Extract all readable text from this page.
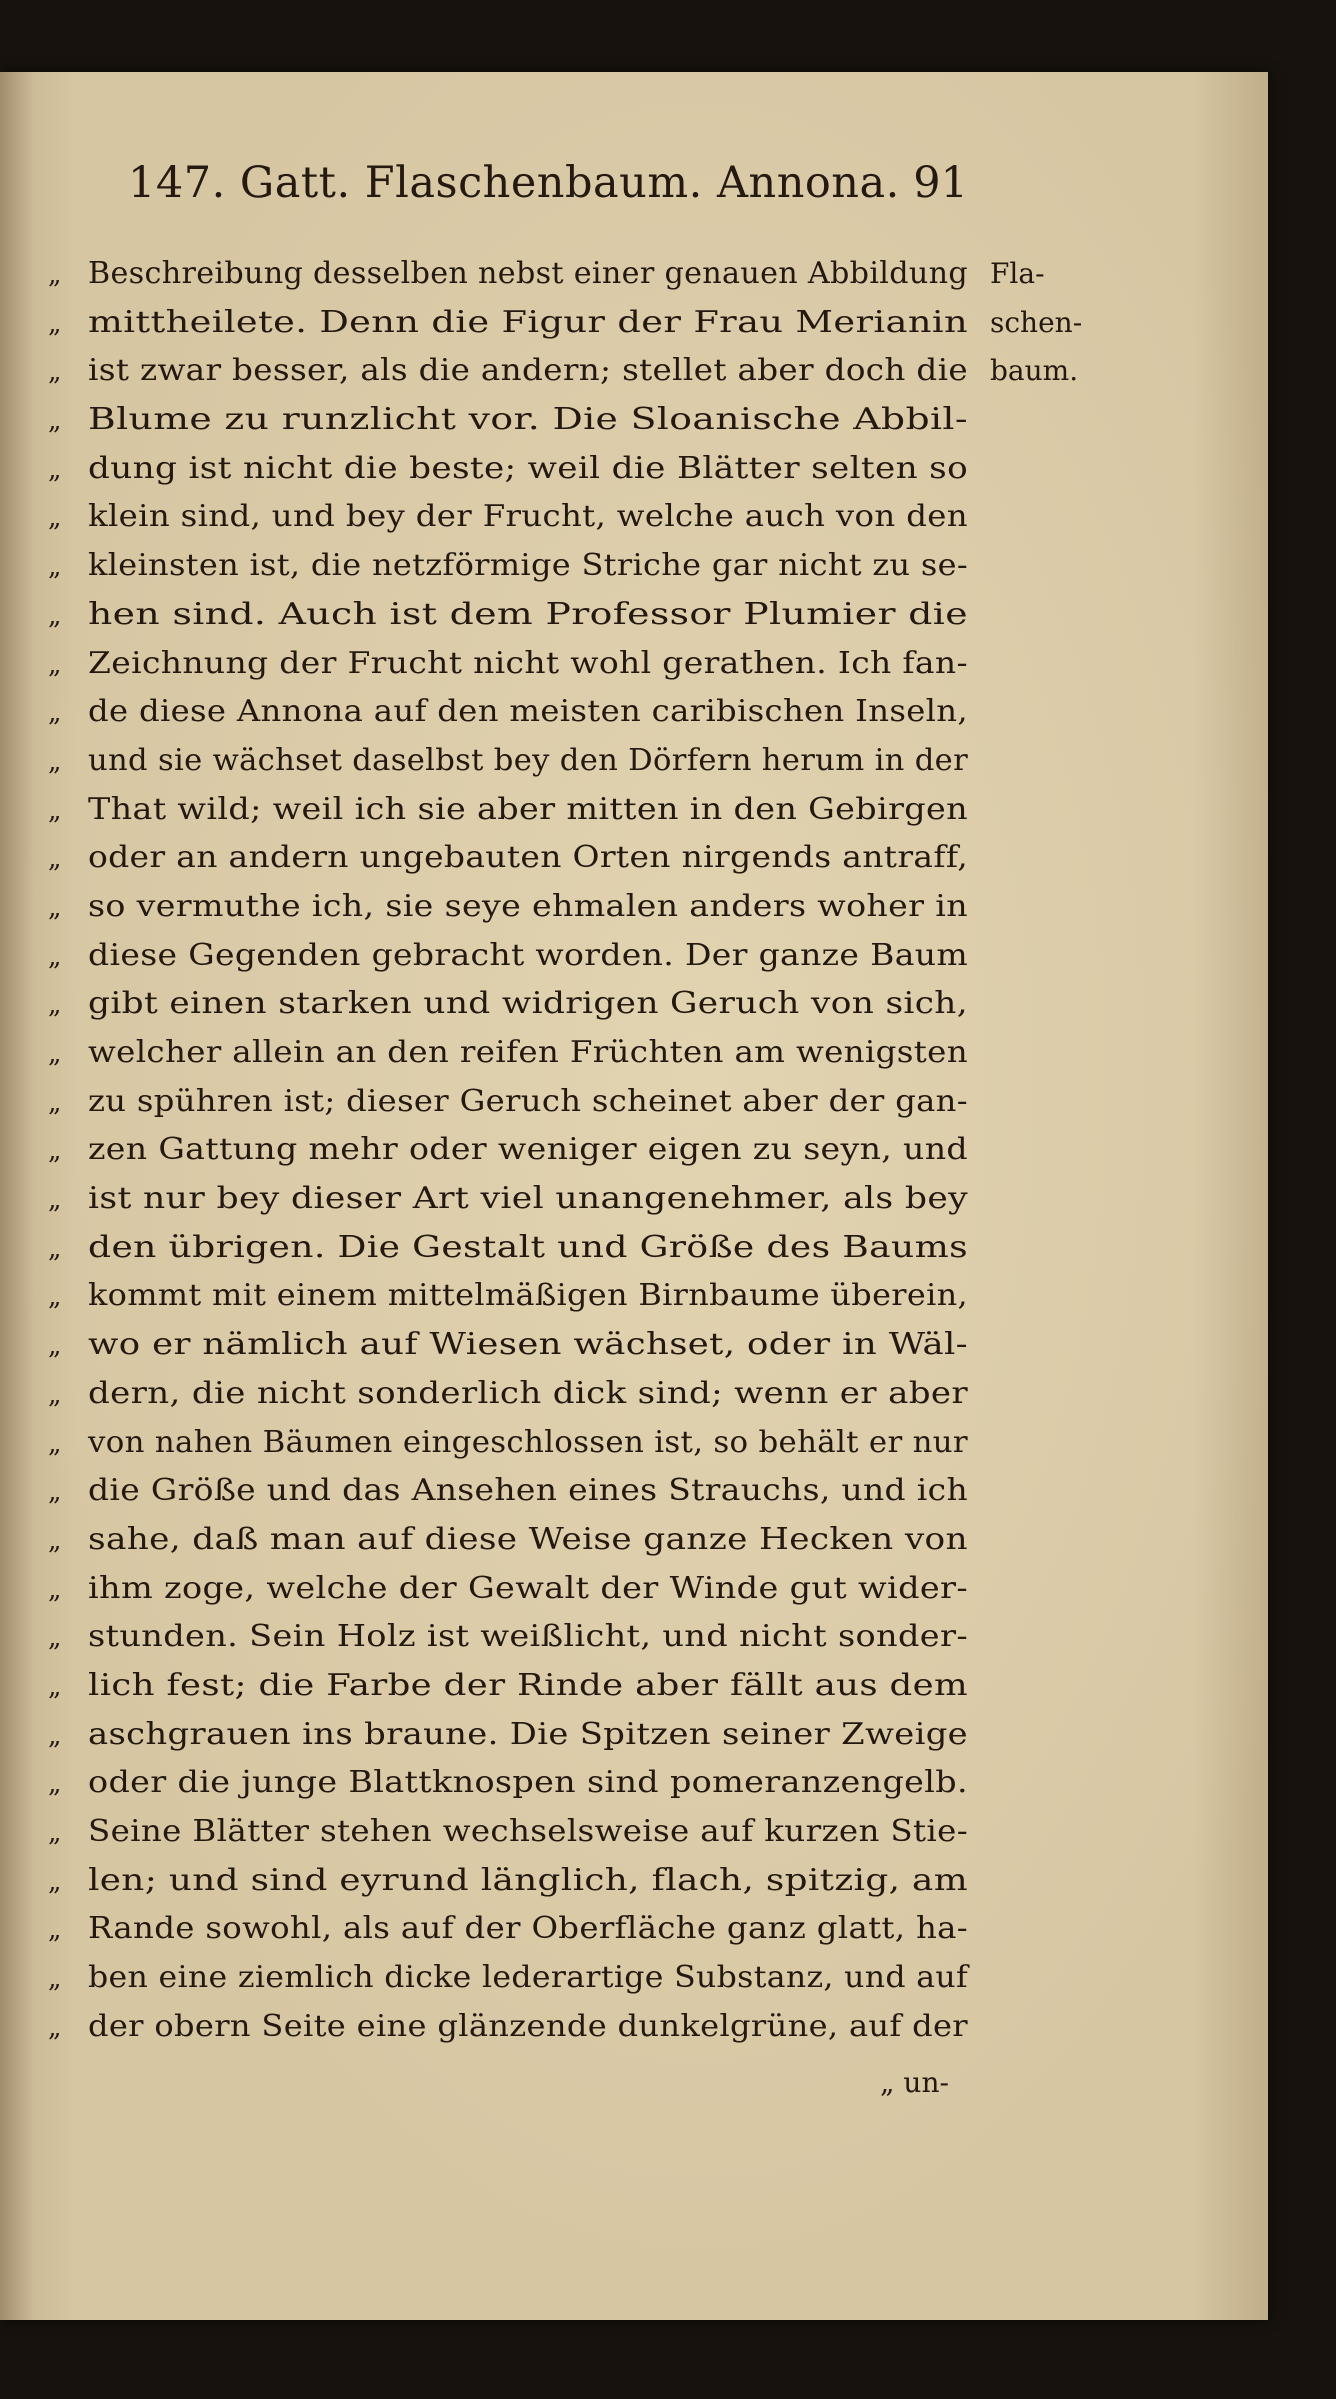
147. Gatt. Flaschenbaum. Annona. 91
Fla-
schen-
baum.
„ Beschreibung desselben nebst einer genauen Abbildung
„ mittheilete. Denn die Figur der Frau Merianin
„ ist zwar besser, als die andern; stellet aber doch die
„ Blume zu runzlicht vor. Die Sloanische Abbil-
„ dung ist nicht die beste; weil die Blätter selten so
„ klein sind, und bey der Frucht, welche auch von den
„ kleinsten ist, die netzförmige Striche gar nicht zu se-
„ hen sind. Auch ist dem Professor Plumier die
„ Zeichnung der Frucht nicht wohl gerathen. Ich fan-
„ de diese Annona auf den meisten caribischen Inseln,
„ und sie wächset daselbst bey den Dörfern herum in der
„ That wild; weil ich sie aber mitten in den Gebirgen
„ oder an andern ungebauten Orten nirgends antraff,
„ so vermuthe ich, sie seye ehmalen anders woher in
„ diese Gegenden gebracht worden. Der ganze Baum
„ gibt einen starken und widrigen Geruch von sich,
„ welcher allein an den reifen Früchten am wenigsten
„ zu spühren ist; dieser Geruch scheinet aber der gan-
„ zen Gattung mehr oder weniger eigen zu seyn, und
„ ist nur bey dieser Art viel unangenehmer, als bey
„ den übrigen. Die Gestalt und Größe des Baums
„ kommt mit einem mittelmäßigen Birnbaume überein,
„ wo er nämlich auf Wiesen wächset, oder in Wäl-
„ dern, die nicht sonderlich dick sind; wenn er aber
„ von nahen Bäumen eingeschlossen ist, so behält er nur
„ die Größe und das Ansehen eines Strauchs, und ich
„ sahe, daß man auf diese Weise ganze Hecken von
„ ihm zoge, welche der Gewalt der Winde gut wider-
„ stunden. Sein Holz ist weißlicht, und nicht sonder-
„ lich fest; die Farbe der Rinde aber fällt aus dem
„ aschgrauen ins braune. Die Spitzen seiner Zweige
„ oder die junge Blattknospen sind pomeranzengelb.
„ Seine Blätter stehen wechselsweise auf kurzen Stie-
„ len; und sind eyrund länglich, flach, spitzig, am
„ Rande sowohl, als auf der Oberfläche ganz glatt, ha-
„ ben eine ziemlich dicke lederartige Substanz, und auf
„ der obern Seite eine glänzende dunkelgrüne, auf der
„ un-
